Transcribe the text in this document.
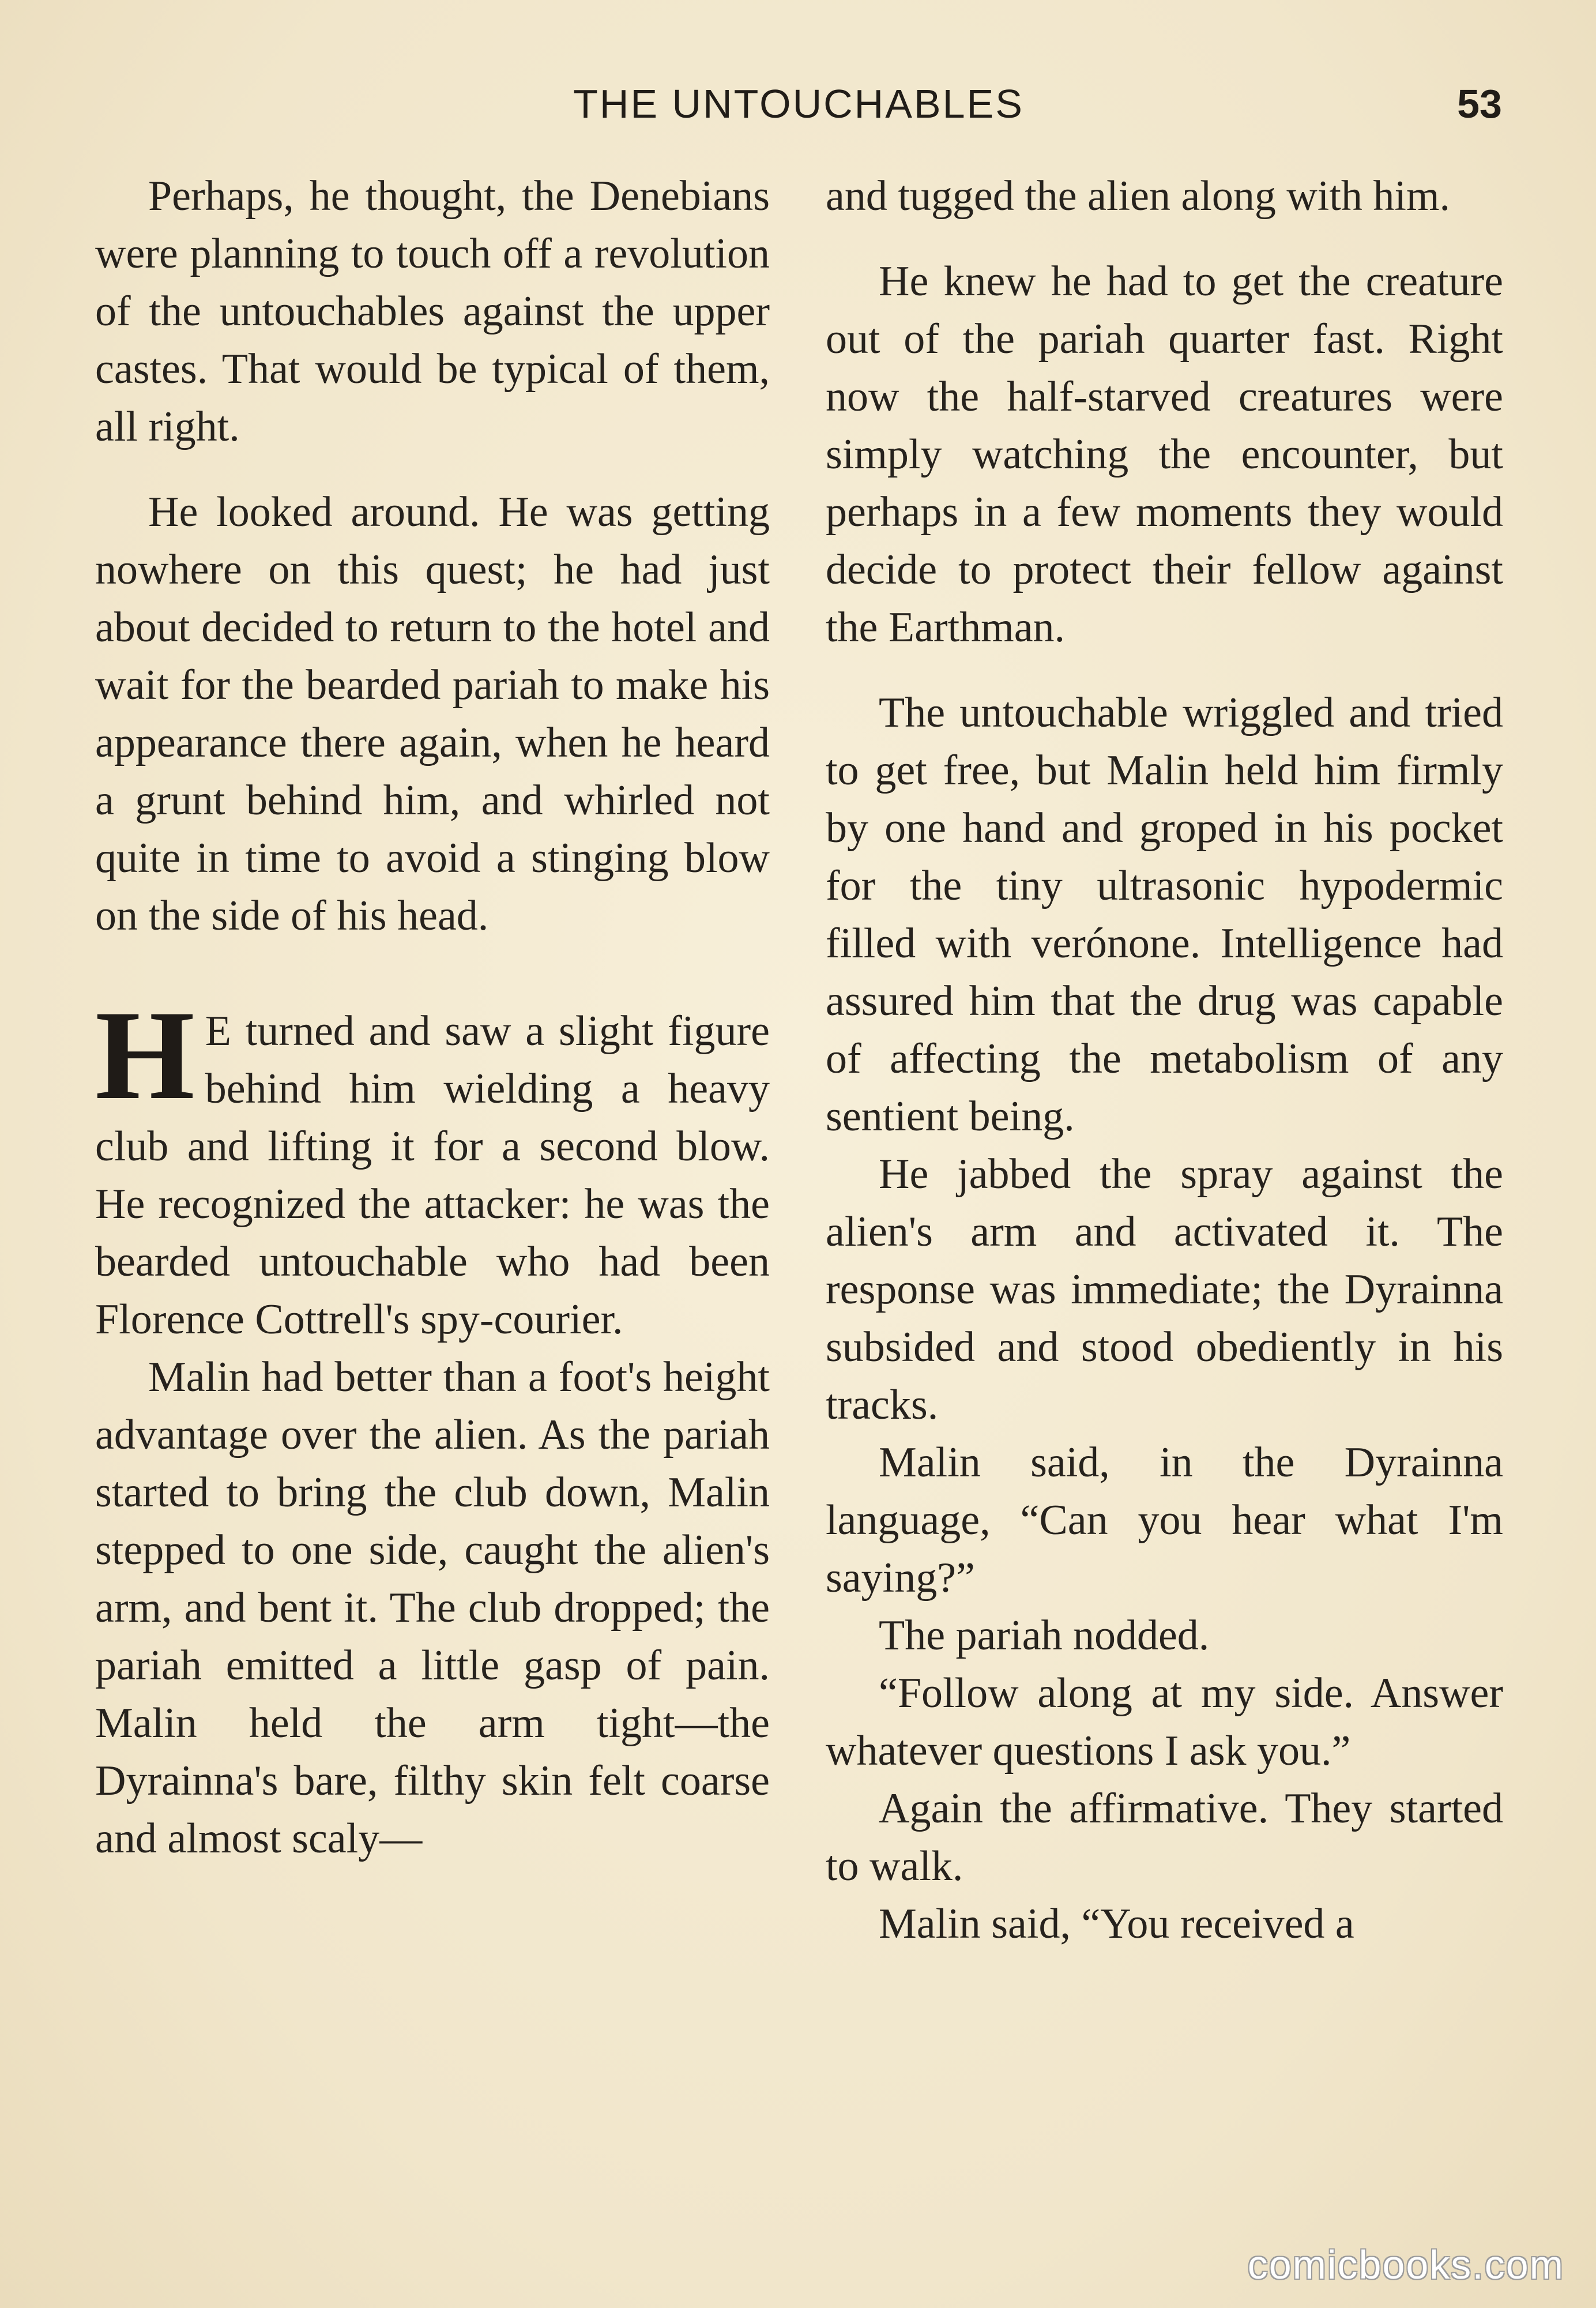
THE UNTOUCHABLES	53

Perhaps, he thought, the Denebians were planning to touch off a revolution of the untouchables against the upper castes. That would be typical of them, all right.

He looked around. He was getting nowhere on this quest; he had just about decided to return to the hotel and wait for the bearded pariah to make his appearance there again, when he heard a grunt behind him, and whirled not quite in time to avoid a stinging blow on the side of his head.

H E turned and saw a slight figure behind him wielding a heavy club and lifting it for a second blow. He recognized the attacker: he was the bearded untouchable who had been Florence Cottrell's spy-courier.

Malin had better than a foot's height advantage over the alien. As the pariah started to bring the club down, Malin stepped to one side, caught the alien's arm, and bent it. The club dropped; the pariah emitted a little gasp of pain. Malin held the arm tight—the Dyrainna's bare, filthy skin felt coarse and almost scaly—

and tugged the alien along with him.

He knew he had to get the creature out of the pariah quarter fast. Right now the half-starved creatures were simply watching the encounter, but perhaps in a few moments they would decide to protect their fellow against the Earthman.

The untouchable wriggled and tried to get free, but Malin held him firmly by one hand and groped in his pocket for the tiny ultrasonic hypodermic filled with verónone. Intelligence had assured him that the drug was capable of affecting the metabolism of any sentient being.

He jabbed the spray against the alien's arm and activated it. The response was immediate; the Dyrainna subsided and stood obediently in his tracks.

Malin said, in the Dyrainna language, “Can you hear what I'm saying?”

The pariah nodded.

“Follow along at my side. Answer whatever questions I ask you.”

Again the affirmative. They started to walk.

Malin said, “You received a

comicbooks.com
